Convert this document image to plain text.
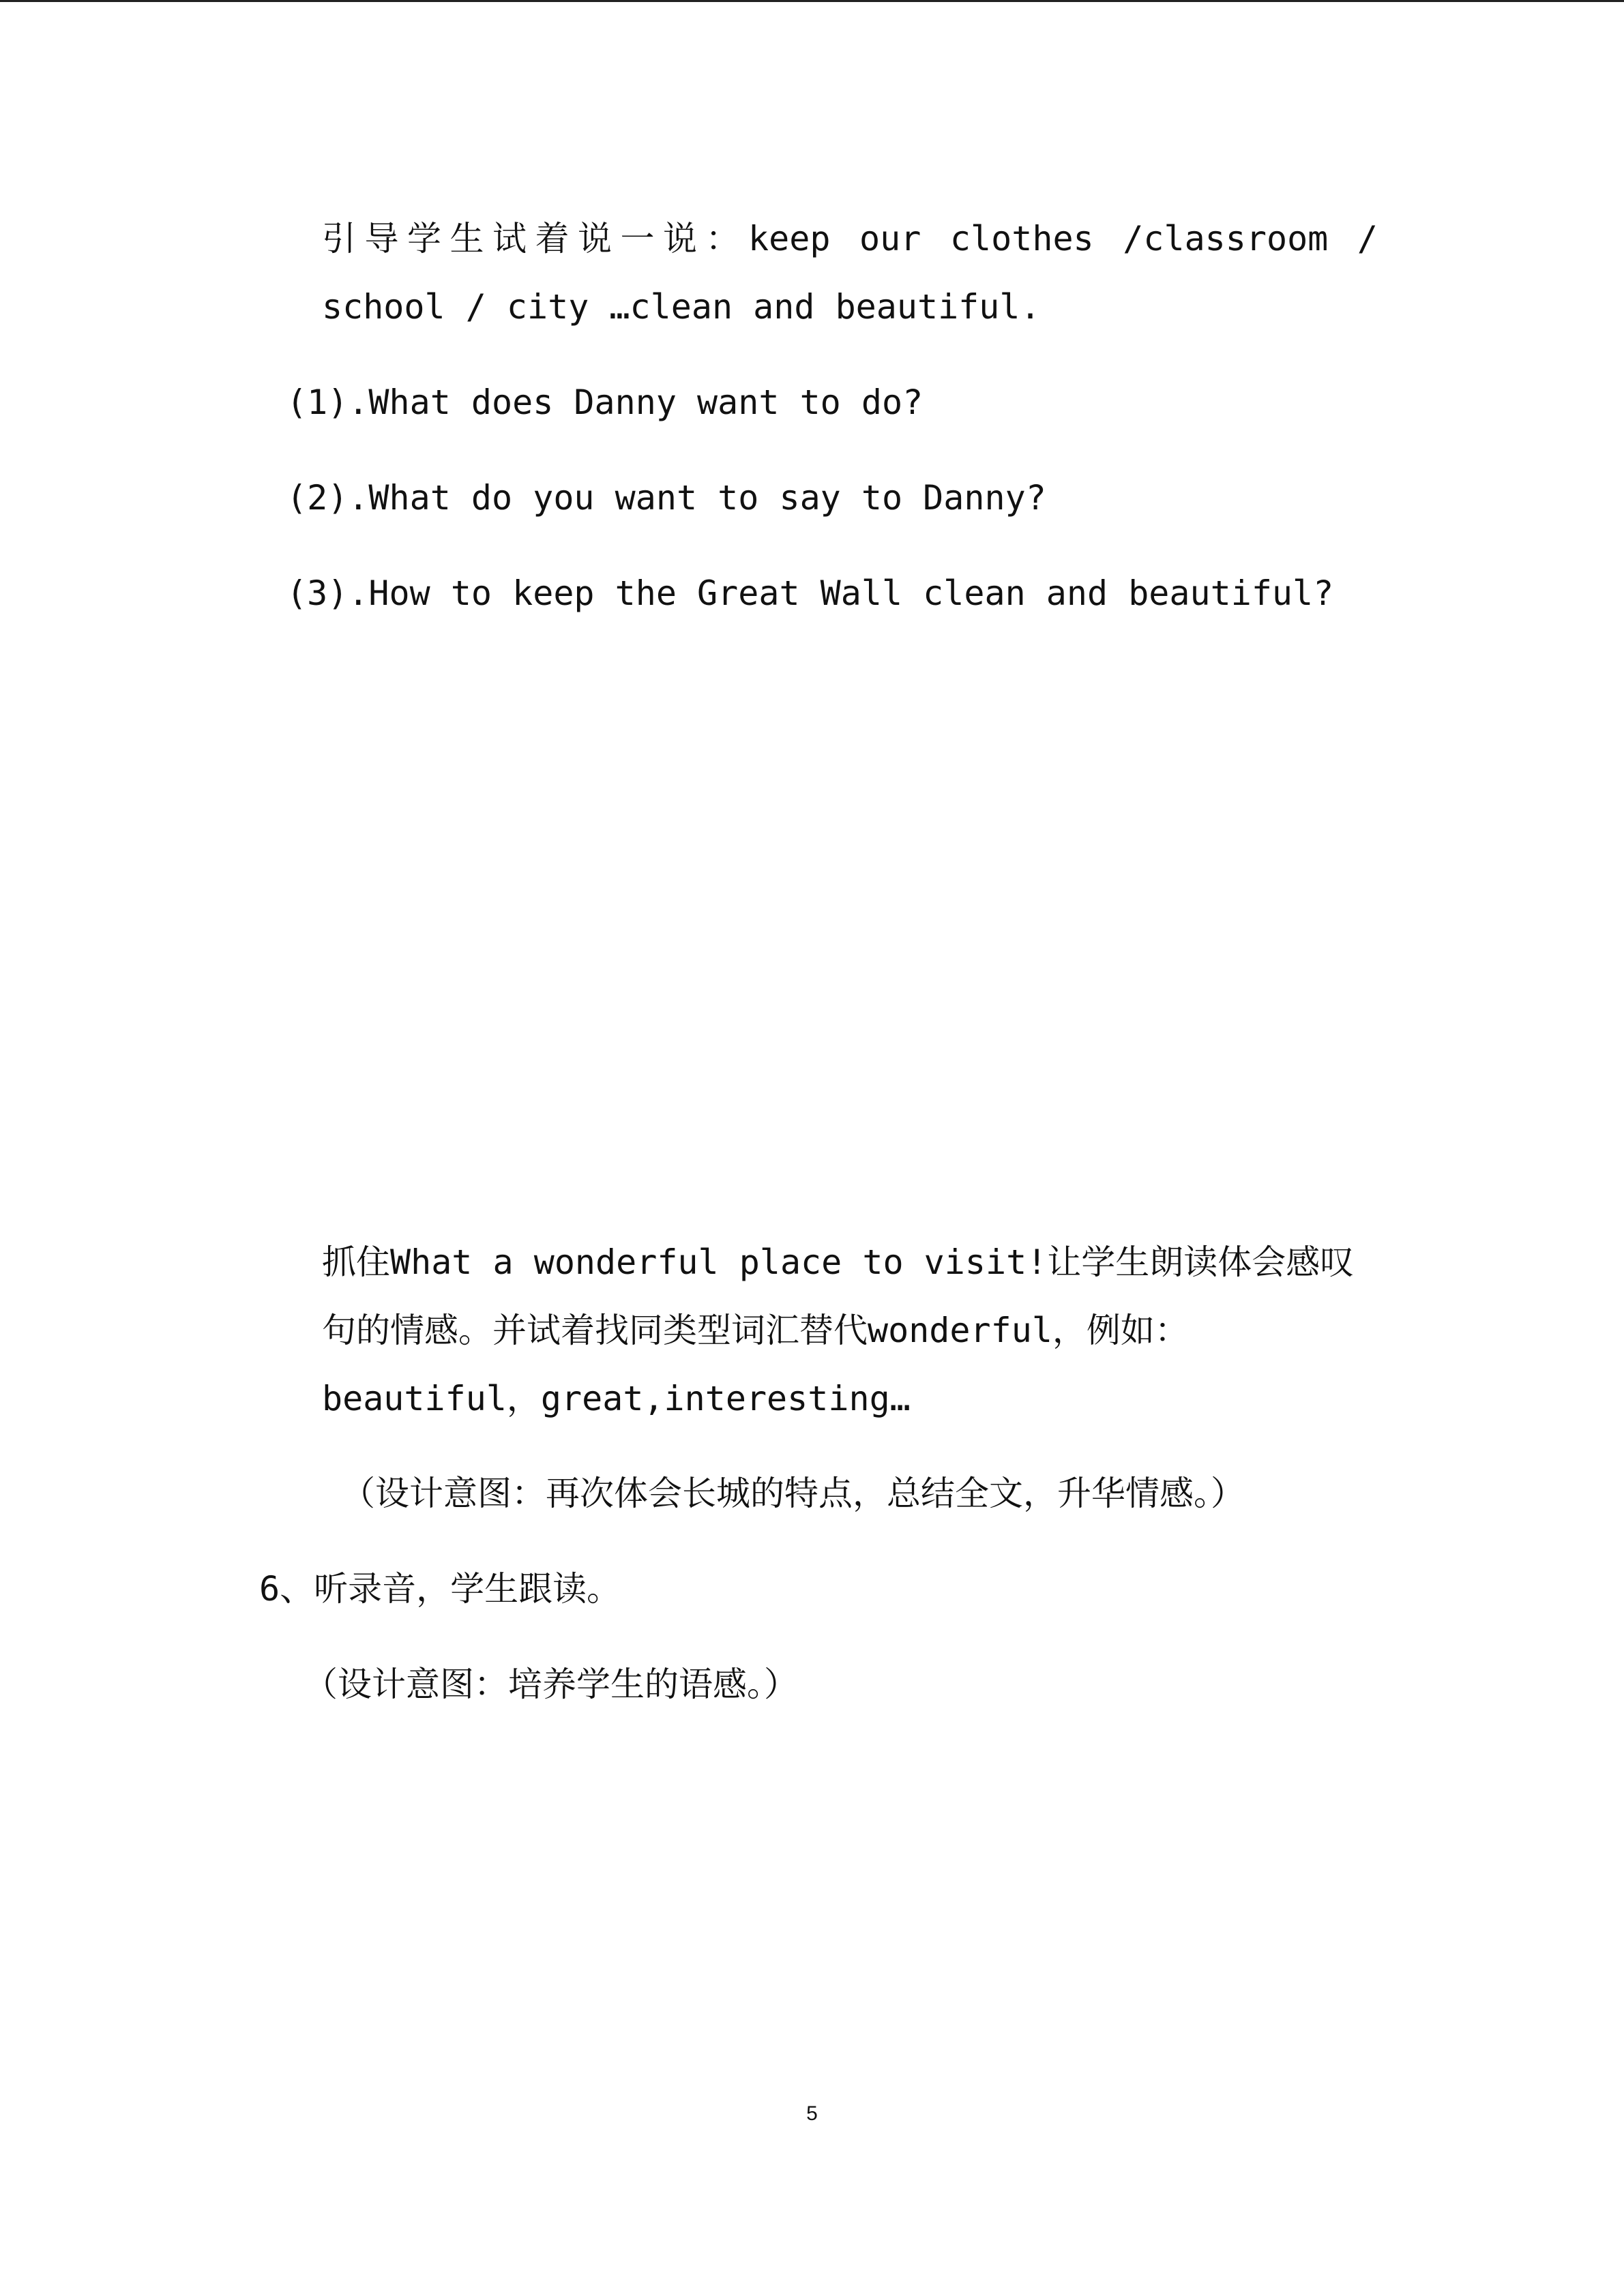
引导学生试着说一说：keep our clothes /classroom /
school / city …clean and beautiful.
(1).What does Danny want to do?
(2).What do you want to say to Danny?
(3).How to keep the Great Wall clean and beautiful?
抓住What a wonderful place to visit!让学生朗读体会感叹
句的情感。并试着找同类型词汇替代wonderful，例如：
beautiful，great,interesting…
（设计意图：再次体会长城的特点，总结全文，升华情感。）
6、听录音，学生跟读。
（设计意图：培养学生的语感。）
5
